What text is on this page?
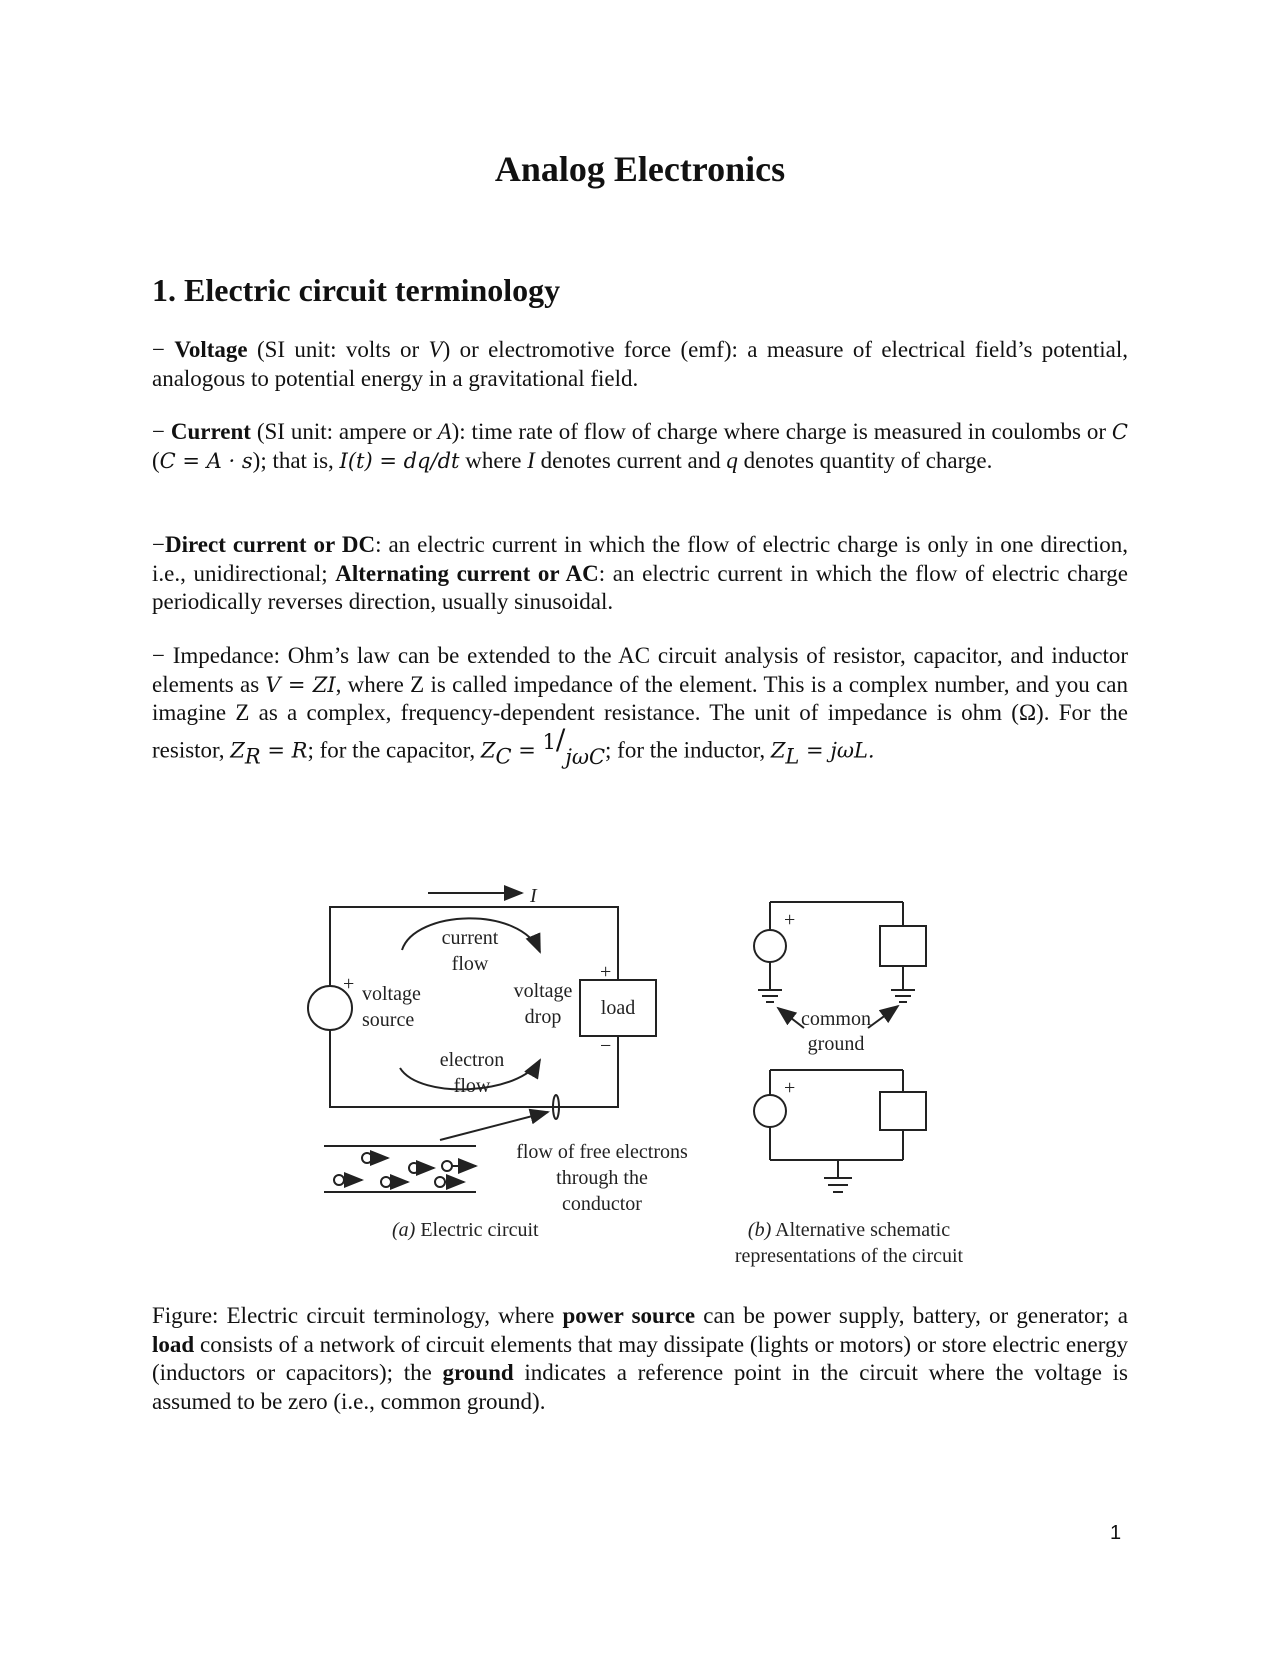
Analog Electronics
1. Electric circuit terminology

− Voltage (SI unit: volts or V) or electromotive force (emf): a measure of electrical field’s potential, analogous to potential energy in a gravitational field.

− Current (SI unit: ampere or A): time rate of flow of charge where charge is measured in coulombs or C (C = A · s); that is, I(t) = dq/dt where I denotes current and q denotes quantity of charge.

−Direct current or DC: an electric current in which the flow of electric charge is only in one direction, i.e., unidirectional; Alternating current or AC: an electric current in which the flow of electric charge periodically reverses direction, usually sinusoidal.

− Impedance: Ohm’s law can be extended to the AC circuit analysis of resistor, capacitor, and inductor elements as V = ZI, where Z is called impedance of the element. This is a complex number, and you can imagine Z as a complex, frequency-dependent resistance. The unit of impedance is ohm (Ω). For the resistor, $Z_R = R$; for the capacitor, $Z_C = ^1/j\omega C$; for the inductor, $Z_L = j\omega L$.

I
current
flow
voltage
source
voltage
drop load
+
+
−
electron
flow
flow of free electrons
through the
conductor
(a) Electric circuit
+
+
common
ground
(b) Alternative schematic
representations of the circuit

Figure: Electric circuit terminology, where power source can be power supply, battery, or generator; a load consists of a network of circuit elements that may dissipate (lights or motors) or store electric energy (inductors or capacitors); the ground indicates a reference point in the circuit where the voltage is assumed to be zero (i.e., common ground).

1
